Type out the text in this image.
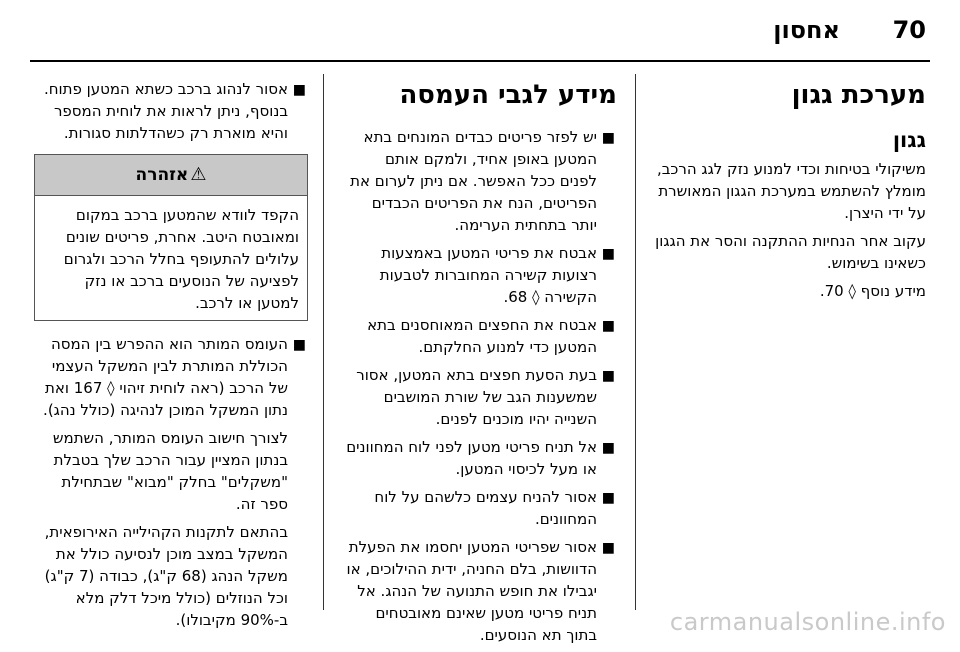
70
אחסון
מערכת גגון
גגון

משיקולי בטיחות וכדי למנוע נזק לגג הרכב, מומלץ להשתמש במערכת הגגון המאושרת על ידי היצרן.

עקוב אחר הנחיות ההתקנה והסר את הגגון כשאינו בשימוש.

מידע נוסף ◊ 70.

מידע לגבי העמסה
■
יש לפזר פריטים כבדים המונחים בתא המטען באופן אחיד, ולמקם אותם לפנים ככל האפשר. אם ניתן לערום את הפריטים, הנח את הפריטים הכבדים יותר בתחתית הערימה.
■
אבטח את פריטי המטען באמצעות רצועות קשירה המחוברות לטבעות הקשירה ◊ 68.
■
אבטח את החפצים המאוחסנים בתא המטען כדי למנוע החלקתם.
■
בעת הסעת חפצים בתא המטען, אסור שמשענות הגב של שורת המושבים השנייה יהיו מוכנים לפנים.
■
אל תניח פריטי מטען לפני לוח המחוונים או מעל לכיסוי המטען.
■
אסור להניח עצמים כלשהם על לוח המחוונים.
■
אסור שפריטי המטען יחסמו את הפעלת הדוושות, בלם החניה, ידית ההילוכים, או יגבילו את חופש התנועה של הנהג. אל תניח פריטי מטען שאינם מאובטחים בתוך תא הנוסעים.
■
אסור לנהוג ברכב כשתא המטען פתוח. בנוסף, ניתן לראות את לוחית המספר והיא מוארת רק כשהדלתות סגורות.
⚠אזהרה
הקפד לוודא שהמטען ברכב במקום ומאובטח היטב. אחרת, פריטים שונים עלולים להתעופף בחלל הרכב ולגרום לפציעה של הנוסעים ברכב או נזק למטען או לרכב.
■
העומס המותר הוא ההפרש בין המסה הכוללת המותרת לבין המשקל העצמי של הרכב (ראה לוחית זיהוי ◊ 167 ואת נתון המשקל המוכן לנהיגה (כולל נהג).

לצורך חישוב העומס המותר, השתמש בנתון המציין עבור הרכב שלך בטבלת "משקלים" בחלק "מבוא" שבתחילת ספר זה.

בהתאם לתקנות הקהילייה האירופאית, המשקל במצב מוכן לנסיעה כולל את משקל הנהג (68 ק"ג), כבודה (7 ק"ג) וכל הנוזלים (כולל מיכל דלק מלא ב-90% מקיבולו).	carmanualsonline.info
